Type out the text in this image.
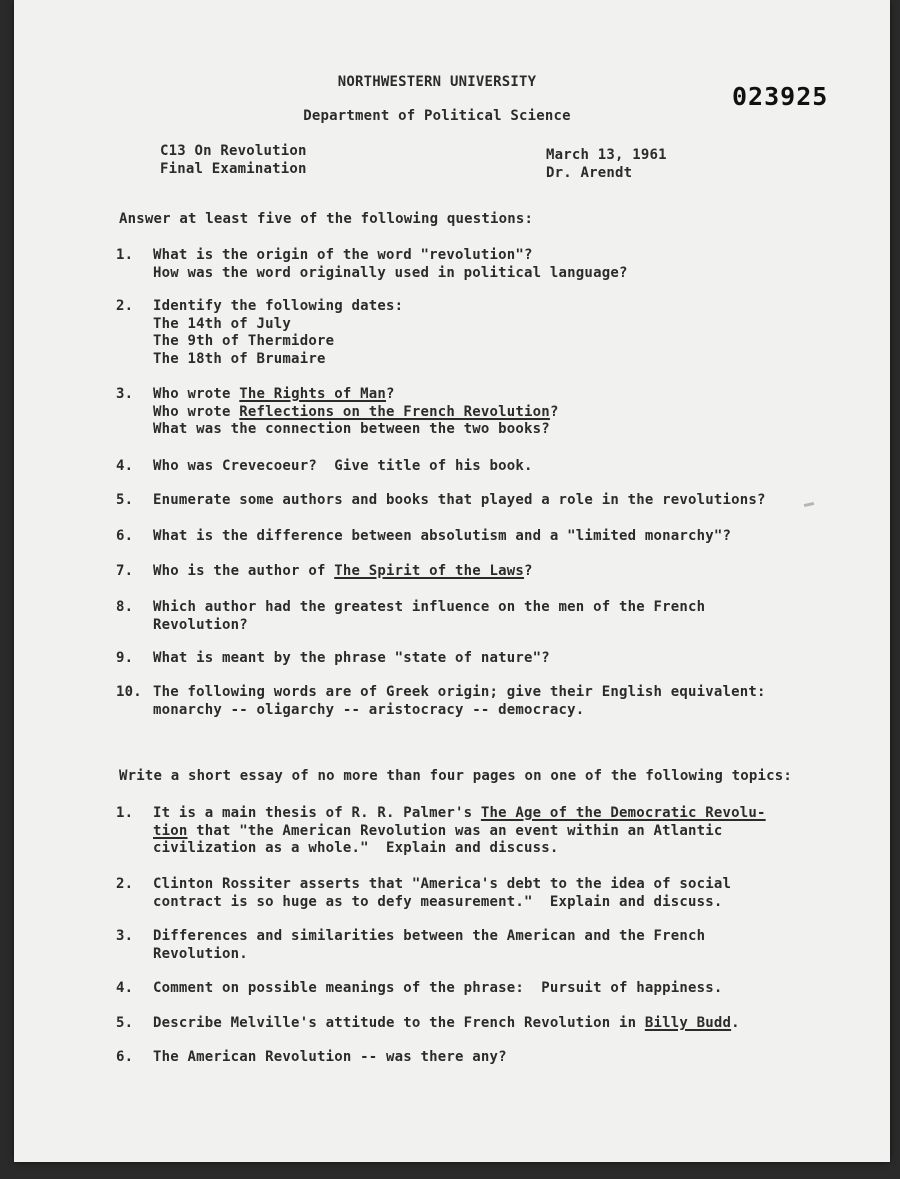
023925
NORTHWESTERN UNIVERSITY
Department of Political Science
C13 On Revolution
Final Examination
March 13, 1961
Dr. Arendt
Answer at least five of the following questions:
1.	What is the origin of the word "revolution"?
How was the word originally used in political language?
2.	Identify the following dates:
The 14th of July
The 9th of Thermidore
The 18th of Brumaire
3.	Who wrote The Rights of Man?
Who wrote Reflections on the French Revolution?
What was the connection between the two books?
4.	Who was Crevecoeur?  Give title of his book.
5.	Enumerate some authors and books that played a role in the revolutions?
6.	What is the difference between absolutism and a "limited monarchy"?
7.	Who is the author of The Spirit of the Laws?
8.	Which author had the greatest influence on the men of the French
Revolution?
9.	What is meant by the phrase "state of nature"?
10. The following words are of Greek origin; give their English equivalent:
monarchy -- oligarchy -- aristocracy -- democracy.
Write a short essay of no more than four pages on one of the following topics:
1.	It is a main thesis of R. R. Palmer's The Age of the Democratic Revolu-
tion that "the American Revolution was an event within an Atlantic
civilization as a whole."  Explain and discuss.
2.	Clinton Rossiter asserts that "America's debt to the idea of social
contract is so huge as to defy measurement."  Explain and discuss.
3.	Differences and similarities between the American and the French
Revolution.
4.	Comment on possible meanings of the phrase:  Pursuit of happiness.
5.	Describe Melville's attitude to the French Revolution in Billy Budd.
6.	The American Revolution -- was there any?
